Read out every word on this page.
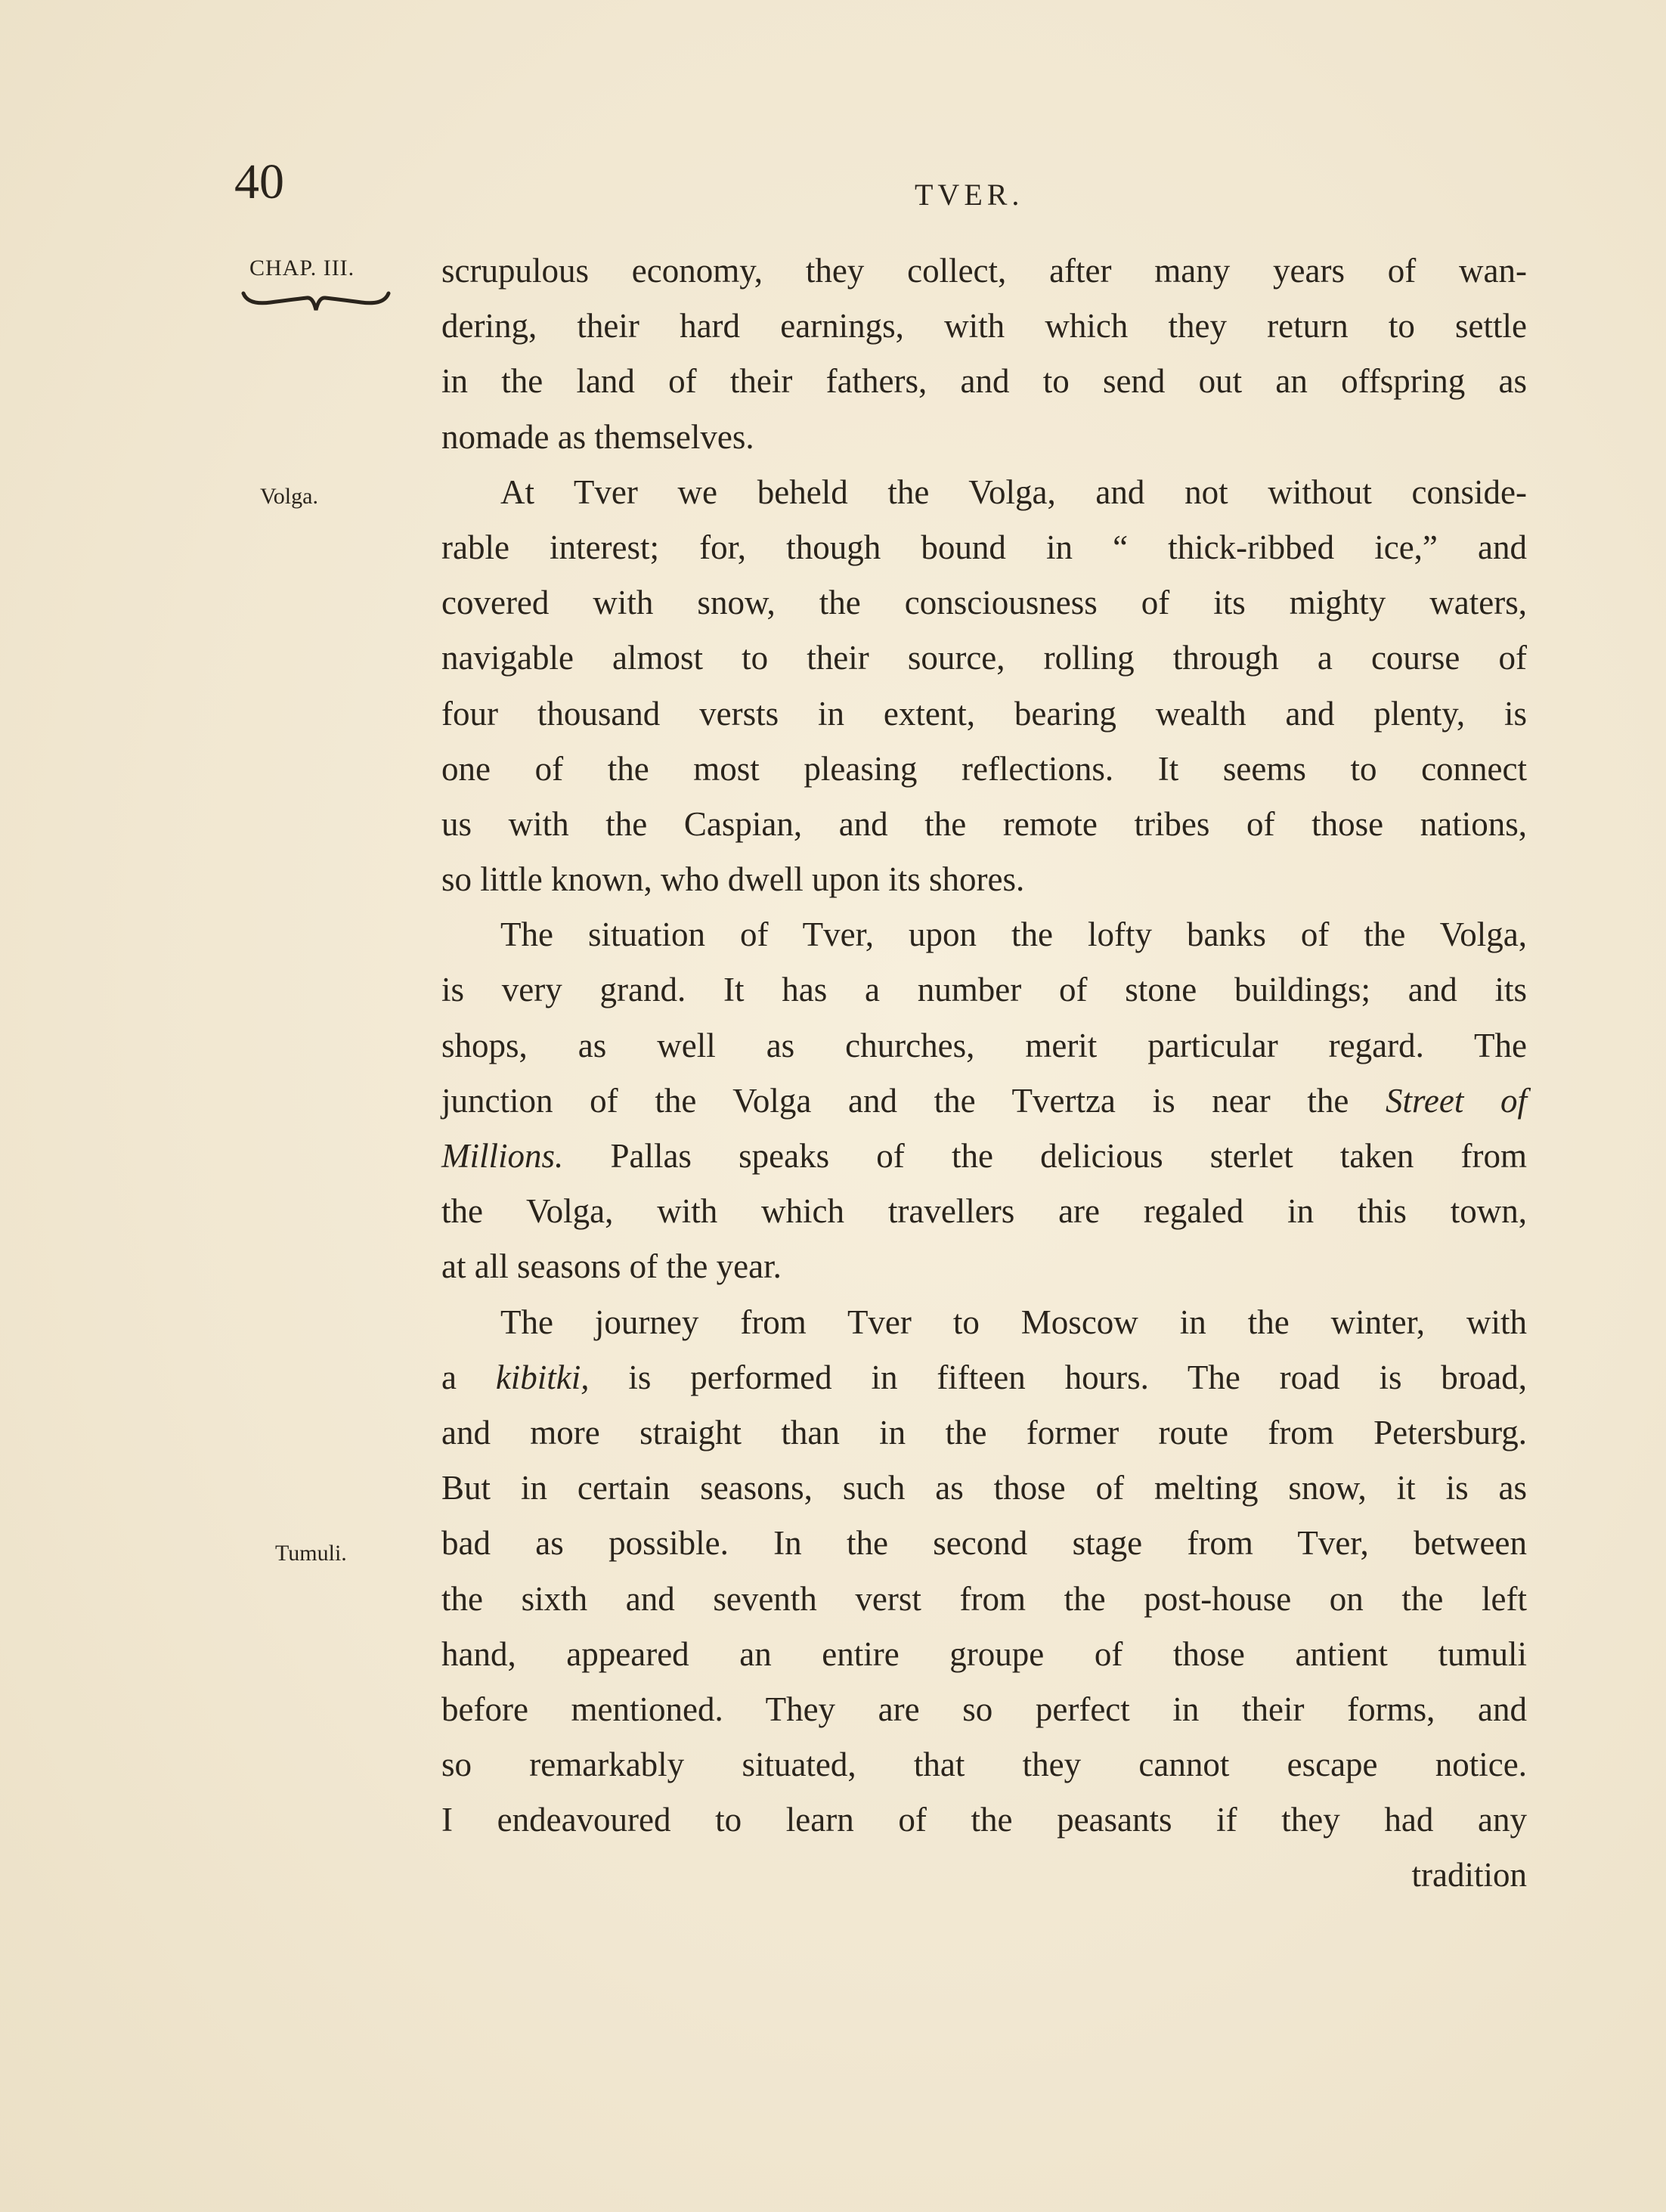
40	TVER.
CHAP. III.
Volga.
Tumuli.
scrupulous economy, they collect, after many years of wan-
dering, their hard earnings, with which they return to settle
in the land of their fathers, and to send out an offspring as
nomade as themselves.
At Tver we beheld the Volga, and not without conside-
rable interest; for, though bound in “ thick-ribbed ice,” and
covered with snow, the consciousness of its mighty waters,
navigable almost to their source, rolling through a course of
four thousand versts in extent, bearing wealth and plenty, is
one of the most pleasing reflections. It seems to connect
us with the Caspian, and the remote tribes of those nations,
so little known, who dwell upon its shores.
The situation of Tver, upon the lofty banks of the Volga,
is very grand. It has a number of stone buildings; and its
shops, as well as churches, merit particular regard. The
junction of the Volga and the Tvertza is near the Street of
Millions. Pallas speaks of the delicious sterlet taken from
the Volga, with which travellers are regaled in this town,
at all seasons of the year.
The journey from Tver to Moscow in the winter, with
a kibitki, is performed in fifteen hours. The road is broad,
and more straight than in the former route from Petersburg.
But in certain seasons, such as those of melting snow, it is as
bad as possible. In the second stage from Tver, between
the sixth and seventh verst from the post-house on the left
hand, appeared an entire groupe of those antient tumuli
before mentioned. They are so perfect in their forms, and
so remarkably situated, that they cannot escape notice.
I endeavoured to learn of the peasants if they had any
tradition
